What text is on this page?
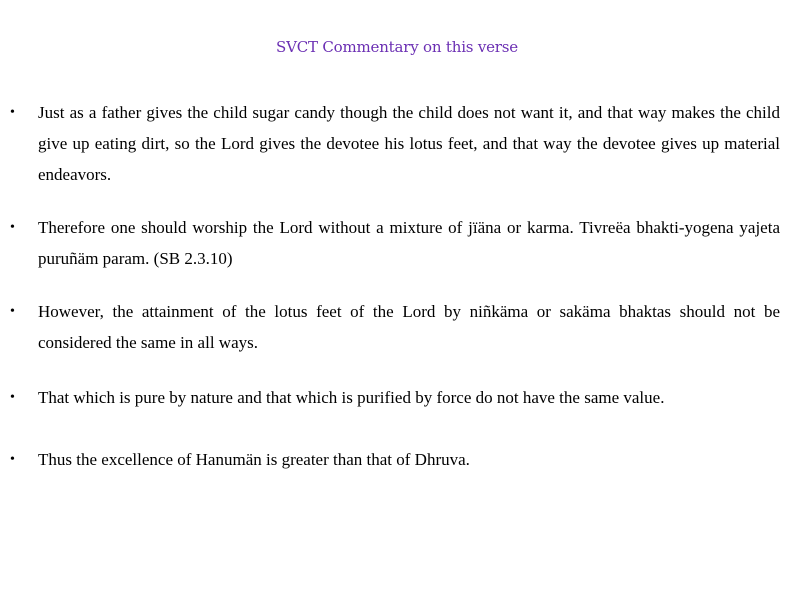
SVCT Commentary on this verse
• Just as a father gives the child sugar candy though the child does not want it, and that way makes the child give up eating dirt, so the Lord gives the devotee his lotus feet, and that way the devotee gives up material endeavors.
• Therefore one should worship the Lord without a mixture of jïäna or karma. Tivreëa bhakti-yogena yajeta puruñäm param. (SB 2.3.10)
• However, the attainment of the lotus feet of the Lord by niñkäma or sakäma bhaktas should not be considered the same in all ways.
• That which is pure by nature and that which is purified by force do not have the same value.
• Thus the excellence of Hanumän is greater than that of Dhruva.
